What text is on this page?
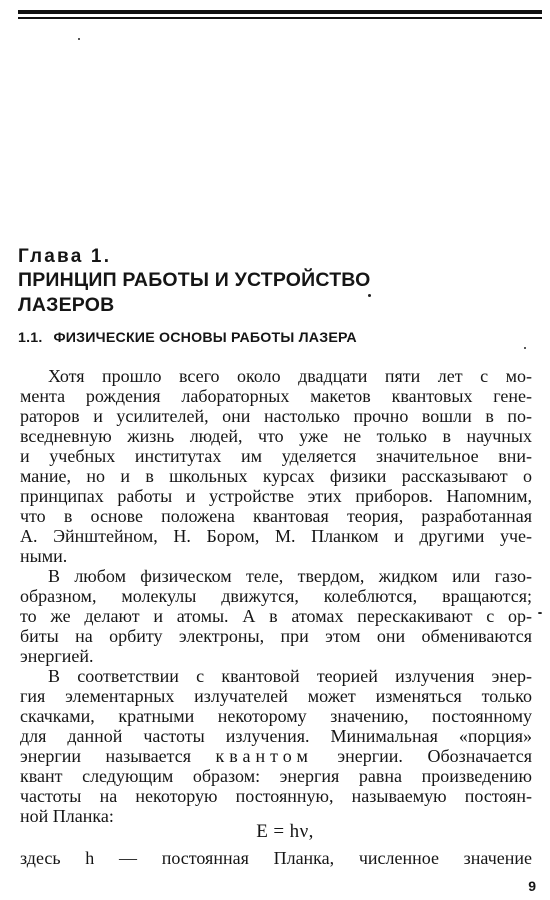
Глава 1.
ПРИНЦИП РАБОТЫ И УСТРОЙСТВО
ЛАЗЕРОВ
1.1. ФИЗИЧЕСКИЕ ОСНОВЫ РАБОТЫ ЛАЗЕРА
Хотя прошло всего около двадцати пяти лет с мо-
мента рождения лабораторных макетов квантовых гене-
раторов и усилителей, они настолько прочно вошли в по-
вседневную жизнь людей, что уже не только в научных
и учебных институтах им уделяется значительное вни-
мание, но и в школьных курсах физики рассказывают о
принципах работы и устройстве этих приборов. Напомним,
что в основе положена квантовая теория, разработанная
А. Эйнштейном, Н. Бором, М. Планком и другими уче-
ными.
В любом физическом теле, твердом, жидком или газо-
образном, молекулы движутся, колеблются, вращаются;
то же делают и атомы. А в атомах перескакивают с ор-
биты на орбиту электроны, при этом они обмениваются
энергией.
В соответствии с квантовой теорией излучения энер-
гия элементарных излучателей может изменяться только
скачками, кратными некоторому значению, постоянному
для данной частоты излучения. Минимальная «порция»
энергии называется квантом энергии. Обозначается
квант следующим образом: энергия равна произведению
частоты на некоторую постоянную, называемую постоян-
ной Планка:
E = hν,
здесь h — постоянная Планка, численное значение
9
